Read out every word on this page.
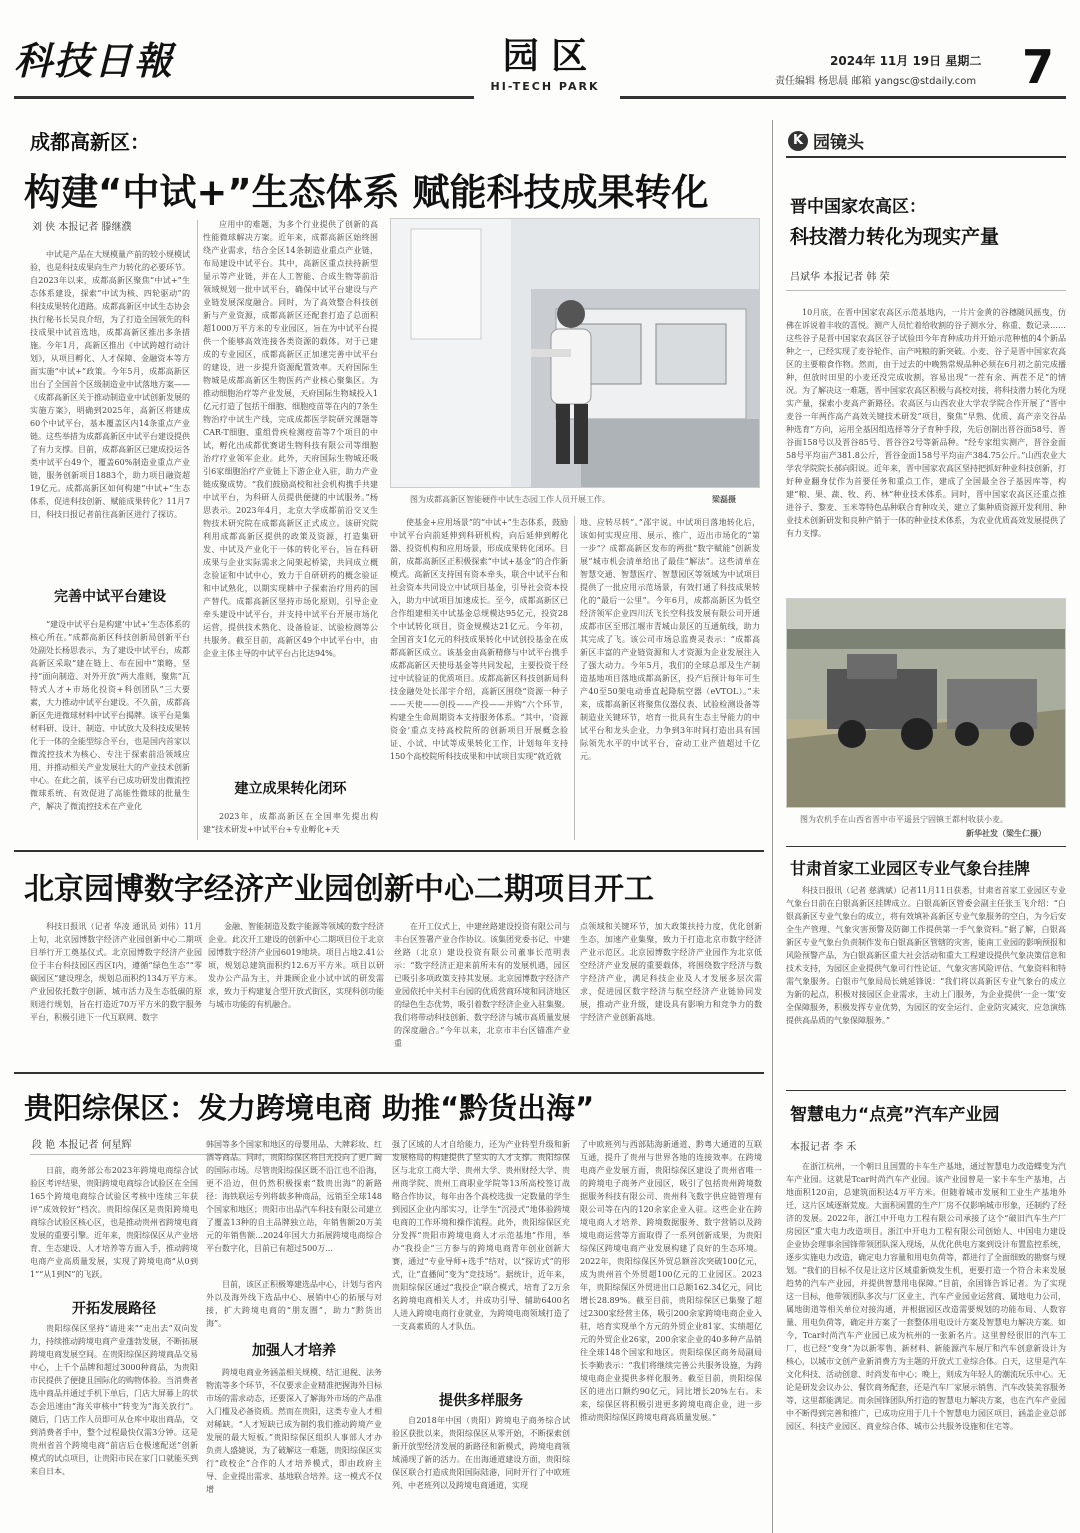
科技日報	园 区
HI-TECH PARK
2024年 11月 19日 星期二
责任编辑 杨思晨 邮箱 yangsc@stdaily.com 7
成都高新区：
构建“中试+”生态体系 赋能科技成果转化
刘 侠 本报记者 滕继濮
中试是产品在大规模量产前的较小规模试验，也是科技成果向生产力转化的必要环节。自2023年以来，成都高新区聚焦“中试+”生态体系建设，探索“中试为核、四轮驱动”的科技成果转化道路。成都高新区中试生态协会执行秘书长吴良介绍，为了打造全国领先的科技成果中试首选地，成都高新区推出多条措施。今年1月，高新区推出《中试跨越行动计划》，从项目孵化、人才保障、金融资本等方面实施“中试+”政策。今年5月，成都高新区出台了全国首个区级制造业中试落地方案——《成都高新区关于推动制造业中试创新发展的实施方案》，明确到2025年，高新区将建成60个中试平台，基本覆盖区内14条重点产业链。这些举措为成都高新区中试平台建设提供了有力支撑。目前，成都高新区已建成投运各类中试平台49个，覆盖60%制造业重点产业链，服务创新项目1883个，助力项目融资超19亿元。成都高新区如何构建“中试+”生态体系，促进科技创新、赋能成果转化？11月7日，科技日报记者前往高新区进行了探访。
完善中试平台建设
“建设中试平台是构建‘中试+’生态体系的核心所在。”成都高新区科技创新局创新平台处副处长杨思表示，为了建设中试平台，成都高新区采取“建在链上、布在园中”策略，坚持“面向制造、对外开放”两大准则，聚焦“瓦特式人才+市场化投资+科创团队”三大要素，大力推动中试平台建设。不久前，成都高新区先进微球材料中试平台揭牌。该平台是集材料研、设计、制造、中试放大及科技成果转化于一体的全能型综合平台，也是国内首家以微流控技术为核心、专注于探索前沿领域应用、并推动相关产业发展壮大的产业技术创新中心。在此之前，该平台已成功研发出微流控微球系统、有效促进了高能性微球的批量生产，解决了微流控技术在产业化
应用中的难题，为多个行业提供了创新的高性能微球解决方案。近年来，成都高新区始终围绕产业需求，结合全区14条制造业重点产业链，布局建设中试平台。其中，高新区重点扶持新型显示等产业链，并在人工智能、合成生物等前沿领域规划一批中试平台，确保中试平台建设与产业链发展深度融合。同时，为了高效整合科技创新与产业资源，成都高新区还配套打造了总面积超1000万平方米的专业园区，旨在为中试平台提供一个能够高效连接各类资源的载体。对于已建成的专业园区，成都高新区正加速完善中试平台的建设，进一步提升资源配置效率。天府国际生物城是成都高新区生物医药产业核心聚集区。为推动细胞治疗等产业发展，天府国际生物城投入1亿元打造了包括干细胞、细胞疫苗等在内的7条生物治疗中试生产线，完成成都医学院研究课题等CAR-T细胞、重组骨疾检测疫苗等7个项目的中试，孵化出成都优赛诺生物科技有限公司等细胞治疗疗业领军企业。此外，天府国际生物城还吸引6家细胞治疗产业链上下游企业入驻，助力产业链成聚成势。“我们鼓励高校和社会机构携手共建中试平台，为科研人员提供便捷的中试服务。”杨思表示。2023年4月，北京大学成都前沿交叉生物技术研究院在成都高新区正式成立。该研究院利用成都高新区提供的政策及资源，打造集研发、中试及产业化于一体的转化平台，旨在科研成果与企业实际需求之间架起桥梁，共同成立概念验证和中试中心，致力于自研研药的概念验证和中试熟化，以期实现耕中子探索治疗用药的国产替代。成都高新区坚持市场化原则，引导企业牵头建设中试平台，并支持中试平台开展市场化运营，提供技术熟化、设备验证、试验检测等公共服务。截至目前，高新区49个中试平台中，由企业主体主导的中试平台占比达94%。
建立成果转化闭环
2023年，成都高新区在全国率先提出构建“技术研发+中试平台+专业孵化+天
图为成都高新区智能硬件中试生态园工作人员开展工作。	梁磊摄
使基金+应用场景”的“中试+”生态体系，鼓励中试平台向前延伸到科研机构，向后延伸到孵化器、投资机构和应用场景，形成成果转化闭环。目前，成都高新区正积极探索“中试+基金”的合作新模式。高新区支持国有资本牵头，联合中试平台和社会资本共同设立中试项目基金，引导社会资本投入，助力中试项目加速成长。至今，成都高新区已合作组建相关中试基金总规模达95亿元，投资28个中试转化项目，资金规模达21亿元。今年初，全国首支1亿元的科技成果转化中试创投基金在成都高新区成立。该基金由高新精修与中试平台携手成都高新区天使母基金等共同发起，主要投资于经过中试验证的优质项目。成都高新区科技创新局科技金融处处长邵宇介绍，高新区围绕“资源一种子——天使——创投——产投——并购”六个环节，构建全生命周期资本支持服务体系。“其中，‘资源资金’重点支持高校院所的创新项目开展概念验证、小试、中试等成果转化工作，计划每年支持150个高校院所科技成果和中试项目实现“就近就
地、应转尽转”。”邵宇说。中试项目落地转化后，该如何实现应用、展示、推广，迈出市场化的“第一步”？成都高新区发布的两批“数字赋能”创新发展”城市机会清单给出了最佳“解法”。这些清单在智慧交通、智慧医疗、智慧园区等领域为中试项目提供了一批应用示范场景，有效打通了科技成果转化的“最后一公里”。今年6月，成都高新区为低空经济领军企业四川沃飞长空科技发展有限公司开通成都市区至邢江堰市青城山景区的互通航线，助力其完成了飞。该公司市场总监费灵表示：“成都高新区丰富的产业链资源和人才资源为企业发展注入了强大动力。今年5月，我们的全球总部及生产制造基地项目落地成都高新区，投产后预计每年可生产40至50架电动垂直起降航空器（eVTOL）。”未来，成都高新区将聚焦仪器仪表、试验检测设备等制造业关键环节，培育一批具有生态主导能力的中试平台和龙头企业，力争到3年时间打造出具有国际领先水平的中试平台，奋动工业产值超过千亿元。
K 园镜头
晋中国家农高区：
科技潜力转化为现实产量
吕斌华 本报记者 韩 荣
10月底，在晋中国家农高区示范基地内，一片片金黄的谷穗随风摇曳，仿佛在诉说着丰收的喜悦。测产人员忙着给收割的谷子测水分、称重、数记录……这些谷子是晋中国家农高区谷子试验田今年育种成功并开始示范种植的4个新品种之一，已经实现了麦谷轮作、亩产吨粮的新突破。小麦、谷子是晋中国家农高区的主要粮食作物。然而，由于过去的中晚熟常规品种必须在6月初之前完成播种，但放时田里的小麦还没完成收割，容易出现“一茬有余、两茬不足”的情况。为了解决这一难题，晋中国家农高区积极与高校对接，将科技潜力转化为现实产量，探索小麦高产新路径。农高区与山西农业大学农学院合作开展了“晋中麦谷一年两作高产高效关键技术研发”项目，聚焦“早熟、优质、高产亲交谷品种选育”方向，运用全基因组选择等分子育种手段，先后创制出晋谷面58号、晋谷面158号以及晋谷85号、晋谷谷2号等新品种。“经专家组实测产，晋谷金面58号平均亩产381.8公斤，晋谷金面158号平均亩产384.75公斤。”山西农业大学农学院院长郝向阳说。近年来，晋中国家农高区坚持把抓好种业科技创新，打好种业翻身仗作为首要任务和重点工作，建成了全国最全谷子基因库等，构建“粮、果、蔬、牧、药、林”种业技术体系。同时，晋中国家农高区还重点推进谷子、黎麦、玉米等特色品种联合育种攻关，建立了集种质资源开发利用、种业技术创新研发和良种产销于一体的种业技术体系，为农业优质高效发展提供了有力支撑。
图为农机手在山西省晋中市平遥县宁固镇王都村收获小麦。
新华社发（梁生仁摄）
甘肃首家工业园区专业气象台挂牌
科技日报讯（记者 慈满斌）记者11月11日获悉，甘肃省首家工业园区专业气象台日前在白银高新区挂牌成立。白银高新区管委会副主任张玉飞介绍：“白银高新区专业气象台的成立，将有效填补高新区专业气象服务的空白，为今后安全生产管理、气象灾害预警及防御工作提供第一手气象资料。”据了解，白银高新区专业气象台负责制作发布白银高新区管辖的灾害，能南工业园的影响预报和风险预警产品，为白银高新区重大社会活动和重大工程建设提供气象决策信息和技术支持，为园区企业提供气象可行性论证、气象灾害风险评估、气象资料和特需气象服务。白银市气象局局长姚延锋说：“我们将以高新区专业气象台的成立为新的起点，积极对接园区企业需求，主动上门服务，为企业提供‘一企一策’安全保障服务，积极发挥专业优势，为园区的安全运行、企业防灾减灾、应急演练提供高品质的气象保障服务。”
智慧电力“点亮”汽车产业园
本报记者 李 禾
在浙江杭州，一个朝日且国置的卡车生产基地，通过智慧电力改造蝶变为汽车产业园。这就是Tcar时尚汽车产业园。该产业园曾是一家卡车生产基地，占地面积120亩，总建筑面积达4万平方米。但随着城市发展和工业生产基地外迁，这片区域逐渐荒废。大面积闲置的生产厂房不仅影响城市形象，还制约了经济的发展。2022年，浙江中开电力工程有限公司承接了这个“破旧汽车生产厂房园区”重大电力改造项目。浙江中开电力工程有限公司创始人、中国电力建设企业协会理事余国锋带领团队深入现场，从优化供电方案到设计布置监控系统，逐步实施电力改造，确定电力容量和用电负荷等，都进行了全面细致的勘察与规划。“我们的目标不仅是让这片区域重新焕发生机，更要打造一个符合未来发展趋势的汽车产业园，并提供智慧用电保障。”目前，余国锋告诉记者。为了实现这一目标，他带领团队多次与厂区业主、汽车产业园业运营商、属地电力公司，属地街道等相关单位对接沟通，并根据园区改造需要规划的功能布局、人数容量、用电负荷等，确定并方案了一套整体用电设计方案及智慧电力解决方案。如今，Tcar时尚汽车产业园已成为杭州的一张新名片。这里曾经很旧的汽车工厂，也已经“变身”为以新零售、新材料、新能源汽车展厅和汽车创意新设计为核心，以城市文创产业新消费方为主题的开放式工业综合体。白天，这里是汽车文化科技、活动创意、时尚发布中心；晚上，则成为年轻人的潮流玩乐中心。无论是研发会议办公、餐饮商务配套，还是汽车厂家展示销售、汽车改装美容服务等，这里都能满足。而余国锋团队所打造的智慧电力解决方案，也在汽车产业园中不断得到完善和推广，已成功应用于几十个智慧电力园区项目，涵盖企业总部园区、科技产业园区、商业综合体、城市公共服务设施和住宅等。
北京园博数字经济产业园创新中心二期项目开工
科技日报讯（记者 华凌 通讯员 刘伟）11月上旬，北京园博数字经济产业园创新中心二期项目举行开工奠基仪式。北京园博数字经济产业园位于丰台科技园区西区Ⅰ内，遵循“绿色生态”“零碳园区”建设理念，规划总面积约134万平方米。产业园依托数字创新、城市活力及生态低碳的原则进行规划，旨在打造近70万平方米的数字服务平台，积极引进下一代互联网、数字
金融、智能制造及数字能源等领域的数字经济企业。此次开工建设的创新中心二期项目位于北京园博数字经济产业园6019地块。项目占地2.41公顷，规划总建筑面积约12.6万平方米。项目以研发办公产品为主，并兼顾企业小试中试的研发需求，致力于构建复合型开放式街区，实现科创功能与城市功能的有机融合。
在开工仪式上，中建丝路建设投资有限公司与丰台区签署产业合作协议。该集团党委书记、中建丝路（北京）建设投资有限公司董事长范明表示：“数字经济正迎来前所未有的发展机遇，园区已吸引多项政策支持其发展。北京园博数字经济产业园依托中关村丰台园的优质营商环境和同济地区的绿色生态优势，吸引着数字经济企业入驻集聚。我们将带动科技创新、数字经济与城市高质量发展的深度融合。”今年以来，北京市丰台区锚准产业重
点领域和关键环节，加大政策扶持力度，优化创新生态，加速产业集聚，致力于打造北京市数字经济产业示范区。北京园博数字经济产业园作为北京低空经济产业发展的重要载体，将围绕数字经济与数字经济产业，满足科技企业及人才发展多层次需求，促进园区数字经济与航空经济产业链协同发展，推动产业升级，建设具有影响力和竞争力的数字经济产业创新高地。
贵阳综保区：发力跨境电商 助推“黔货出海”
段 艳 本报记者 何星辉
日前，商务部公布2023年跨境电商综合试验区考评结果，贵阳跨境电商综合试验区在全国165个跨境电商综合试验区考核中连续三年获评“成效较好”档次。贵阳综保区是贵阳跨境电商综合试验区核心区，也是推动贵州省跨境电商发展的重要引擎。近年来，贵阳综保区从产业培育、生态建设、人才培养等方面入手，推动跨境电商产业高质量发展，实现了跨境电商“从0到1”“从1到N”的飞跃。
开拓发展路径
贵阳综保区坚持“请进来”“走出去”双向发力，持续推动跨境电商产业蓬勃发展，不断拓展跨境电商发展空间。在贵阳综保区跨境商品交易中心，上千个品牌和超过3000种商品，为贵阳市民提供了便捷且国际化的购物体验。当消费者选中商品并通过手机下单后，门店大屏幕上的状态会迅速由“海关审核中”转变为“海关放行”。随后，门店工作人员即可从仓库中取出商品，交到消费者手中，整个过程最快仅需3分钟。这是贵州省首个跨境电商“前店后仓极速配送”创新模式的试点项目，让贵阳市民在家门口就能买到来自日本、
韩国等多个国家和地区的母婴用品、大牌彩妆、红酒等商品。同时，贵阳综保区将目光投向了更广阔的国际市场。尽管贵阳综保区既不沿江也不沿海，更不沿边，但仍然积极探索“数贵出海”的新路径：海铁联运专列将载多种商品，远销至全球148个国家和地区；贵阳市出品汽车科技有限公司建立了覆盖13种的自主品牌独立站，年销售额20万美元的年销售额...2024年国大力拓展跨境电商综合平台数字化，目前已有超过500万...
目前，该区正积极筹建选品中心，计划与省内外以及海外线下选品中心、展销中心的拓展与对接，扩大跨境电商的“朋友圈”，助力“黔货出海”。
加强人才培养
跨境电商业务涵盖相关规模、结汇退税、法务物流等多个环节，不仅要求企业精准把握海外目标市场的需求动态，还要深入了解海外市场的产品准入门槛及必备资质。然而在贵阳，这类专业人才相对稀缺。“人才短缺已成为制约我们推动跨境产业发展的最大短板。”贵阳综保区组织人事部人才办负责人盛婕说，为了破解这一难题，贵阳综保区实行“政校企”合作的人才培养模式，即由政府主导、企业提出需求、基地联合培养。这一模式不仅增
强了区域的人才自给能力，还为产业转型升级和新发展格局的构建提供了坚实的人才支撑。贵阳综保区与北京工商大学、贵州大学、贵州财经大学、贵州商学院、贵州工商职业学院等13所高校签订战略合作协议，每年由各个高校选拔一定数量的学生到园区企业内部实习，让学生“沉浸式”地体验跨境电商的工作环境和操作流程。此外，贵阳综保区充分发挥“贵阳市跨境电商人才示范基地”作用，举办“我投企”三方参与的跨境电商青年创业创新大赛，通过“专业导师+选手”结对，以“探访式”的形式，让“直播间”变为“竞技场”。据统计，近年来，贵阳综保区通过“我投企”联合模式，培育了2万余名跨境电商相关人才，并成功引导、辅助6400名人进入跨境电商行业就业，为跨境电商领域打造了一支高素质的人才队伍。
提供多样服务
自2018年中国（贵阳）跨境电子商务综合试验区获批以来，贵阳综保区从零开始，不断探索创新开放型经济发展的新路径和新模式，跨境电商领域涌现了新的活力。在出海通道建设方面，贵阳综保区联合打造成贵阳国际陆港，同时开行了中欧班列、中老班列以及跨境电商通道，实现
了中欧班列与西部陆海新通道、黔粤大通道的互联互通，提升了贵州与世界各地的连接效率。在跨境电商产业发展方面，贵阳综保区建设了贵州省唯一的跨境电子商务产业园区，吸引了包括贵州跨境数据服务科技有限公司、贵州科飞数字供应链管理有限公司等在内的120余家企业入驻。这些企业在跨境电商人才培养、跨境数据服务、数字营销以及跨境电商运营等方面取得了一系列创新成果，为贵阳综保区跨境电商产业发展构建了良好的生态环境。2022年，贵阳综保区外贸总额首次突破100亿元，成为贵州首个外贸超100亿元的工业园区。2023年，贵阳综保区外贸进出口总额162.34亿元，同比增长28.89%。截至目前，贵阳综保区已集聚了超过2300家经营主体，吸引200余家跨境电商企业入驻，培育实现单个方元的外贸企业81家、实绩超亿元的外贸企业26家，200余家企业的40多种产品销往全球148个国家和地区。贵阳综保区商务局副局长李勤表示：“我们将继续完善公共服务设施，为跨境电商企业提供多样化服务。截至目前，贵阳综保区的进出口额约90亿元，同比增长20%左右。未来，综保区将积极引进更多跨境电商企业，进一步推动贵阳综保区跨境电商高质量发展。”
